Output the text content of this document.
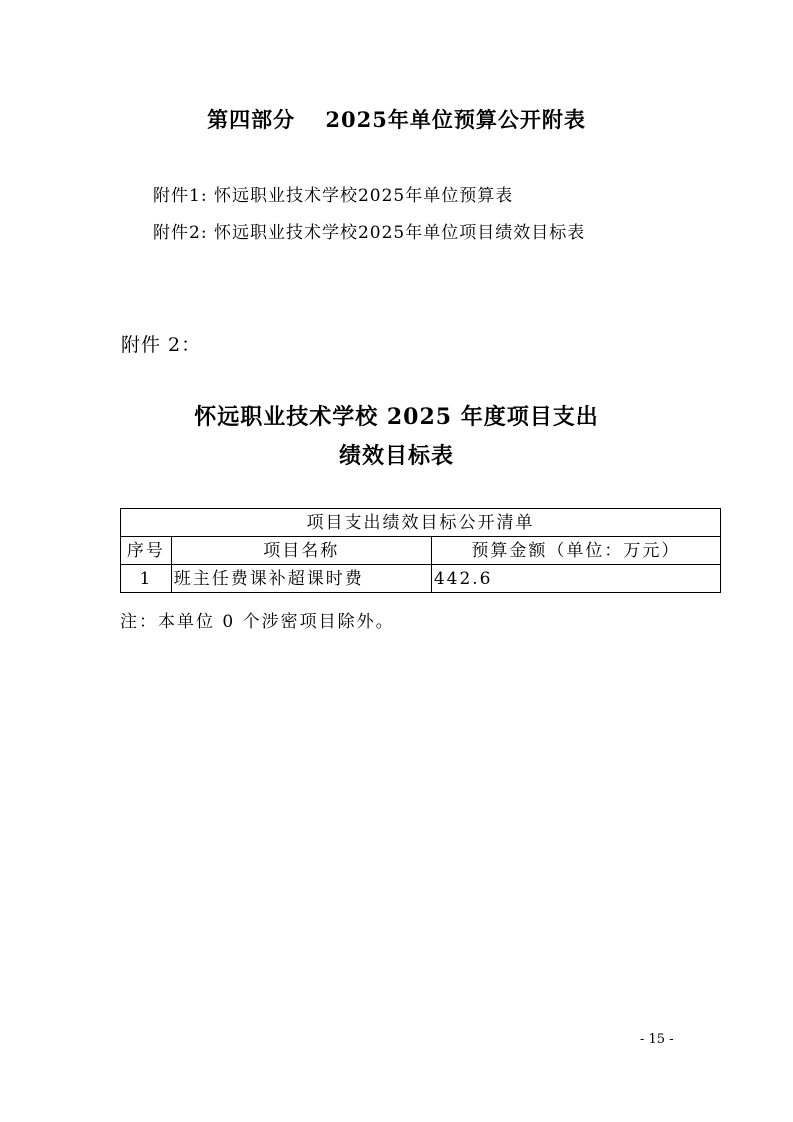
第四部分　 2025年单位预算公开附表
附件1: 怀远职业技术学校2025年单位预算表
附件2: 怀远职业技术学校2025年单位项目绩效目标表
附件 2：
怀远职业技术学校 2025 年度项目支出
绩效目标表
项目支出绩效目标公开清单		
序号	项目名称	预算金额（单位：万元）
1	班主任费课补超课时费	442.6
注：本单位 0 个涉密项目除外。
- 15 -
